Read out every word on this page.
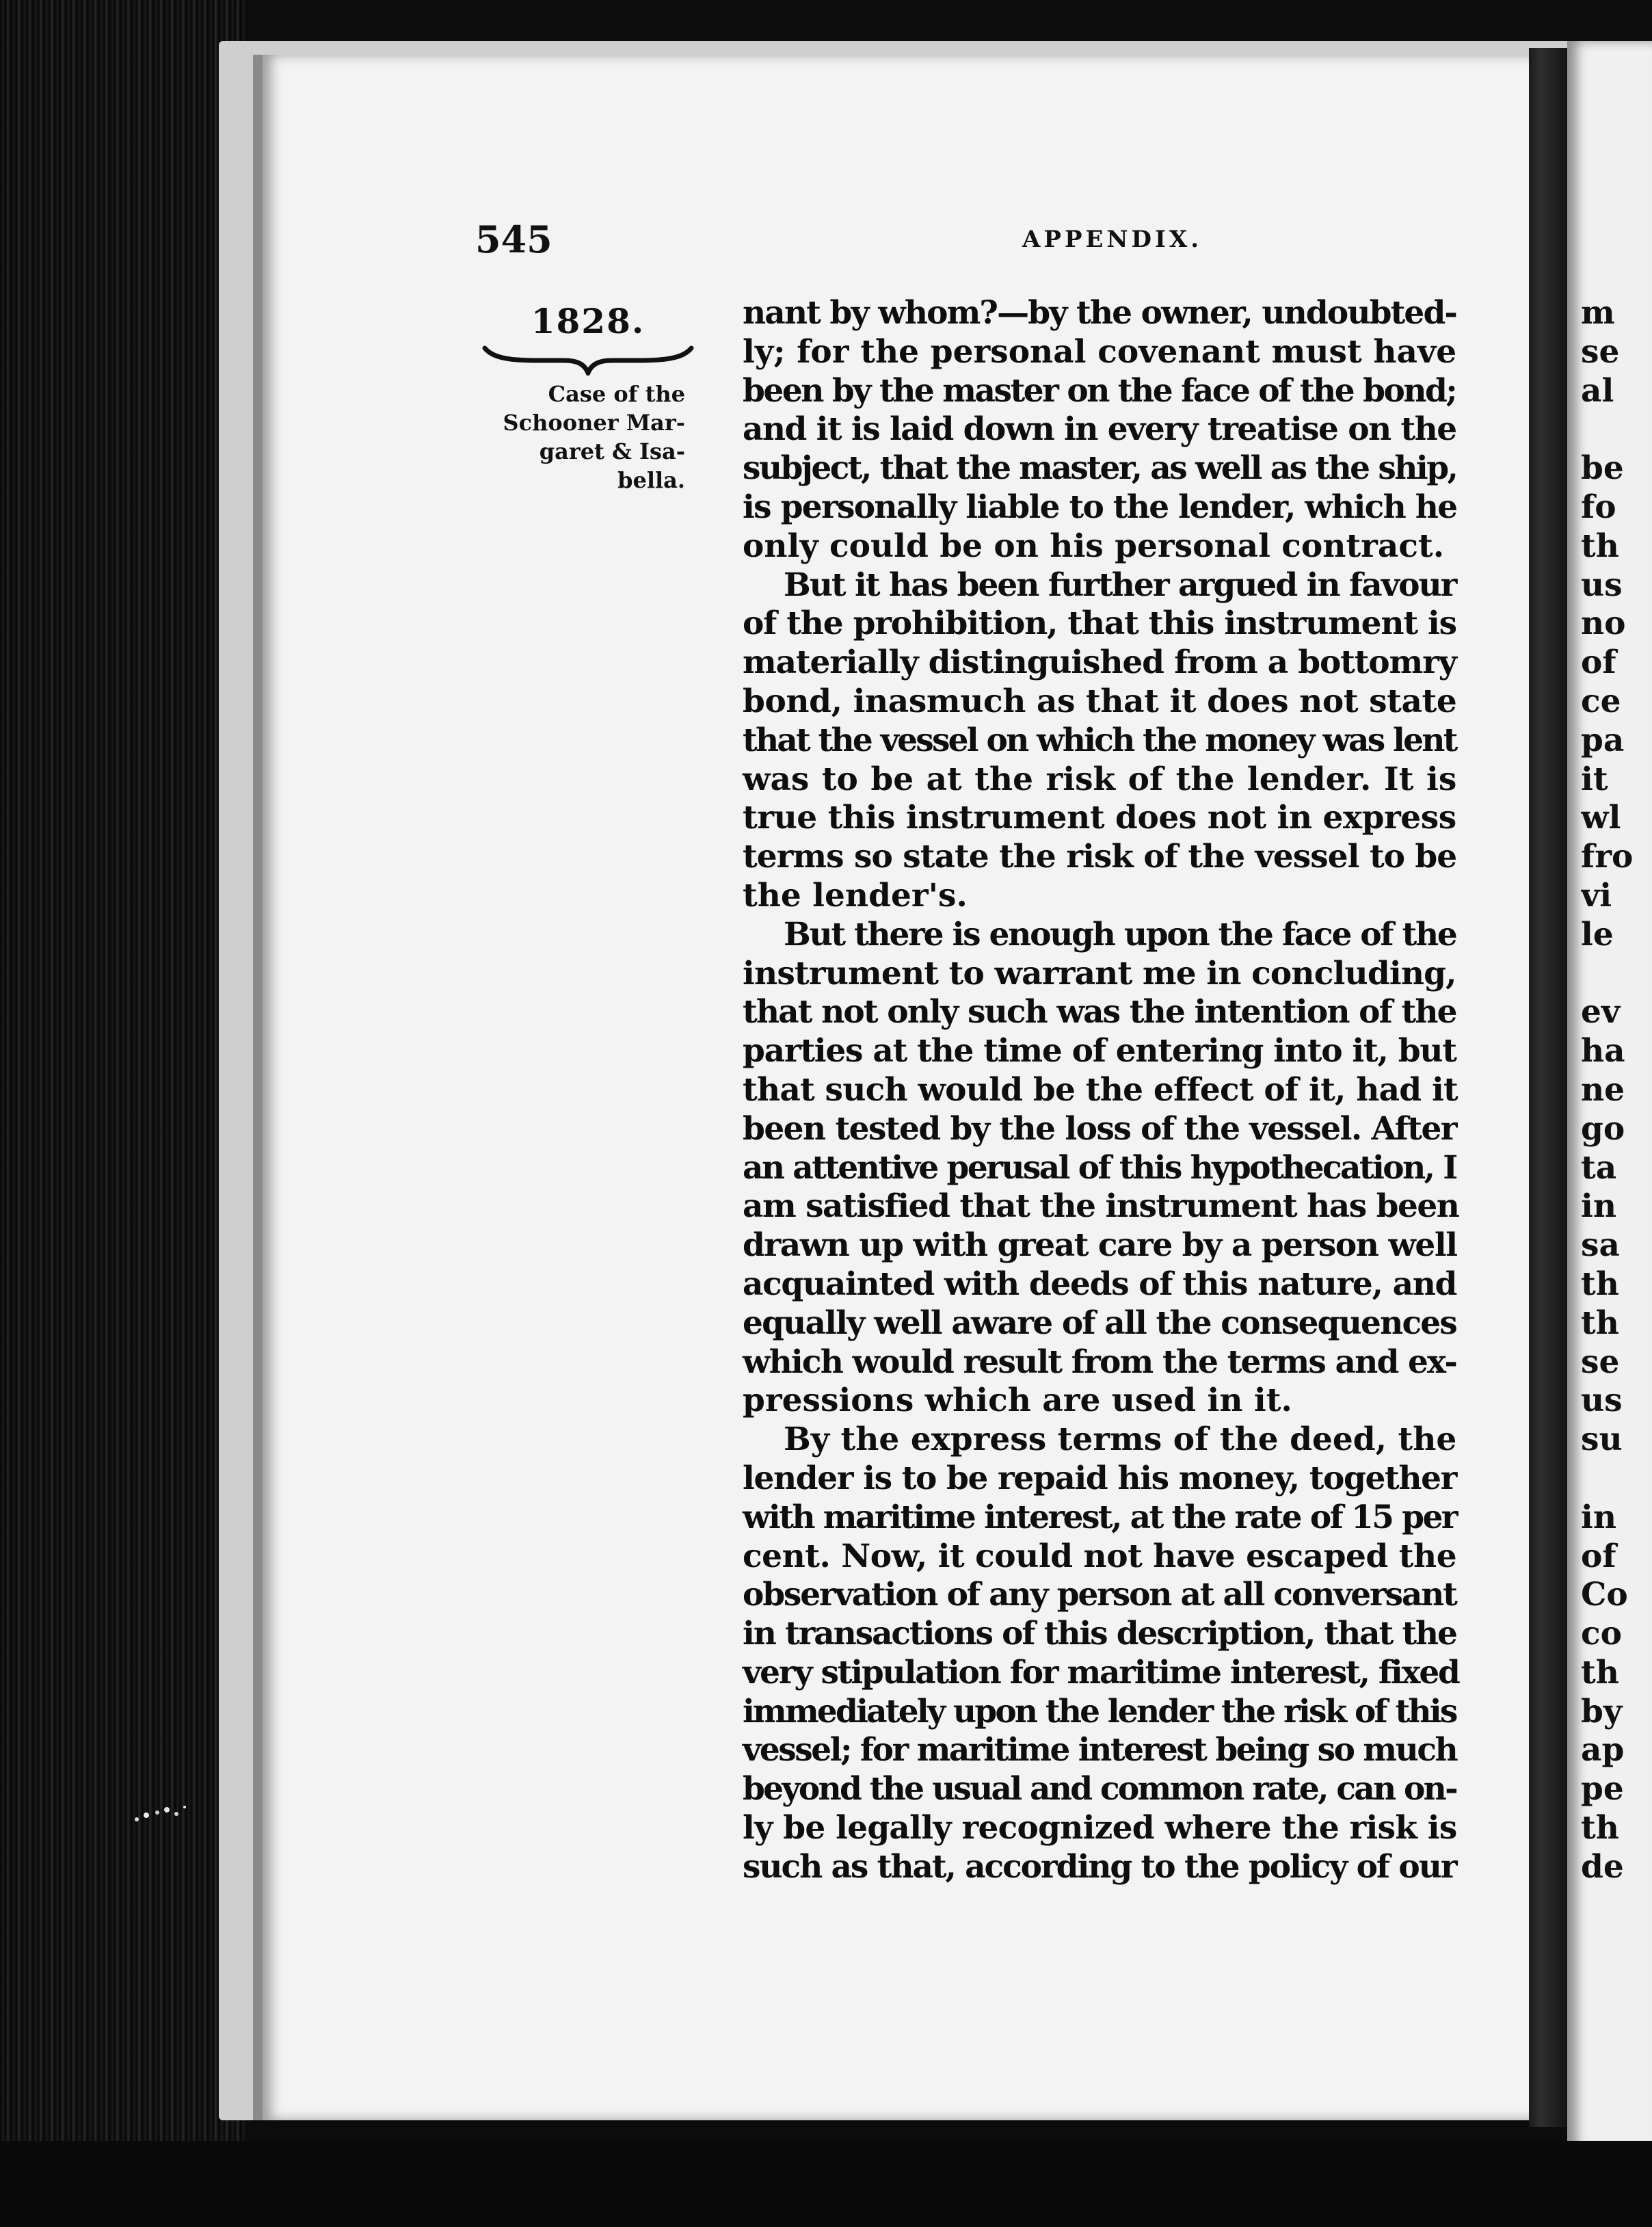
545	APPENDIX.
1828.
Case of the
Schooner Mar-
garet & Isa-
bella.
nant by whom?—by the owner, undoubted-
ly; for the personal covenant must have
been by the master on the face of the bond;
and it is laid down in every treatise on the
subject, that the master, as well as the ship,
is personally liable to the lender, which he
only could be on his personal contract.
But it has been further argued in favour
of the prohibition, that this instrument is
materially distinguished from a bottomry
bond, inasmuch as that it does not state
that the vessel on which the money was lent
was to be at the risk of the lender. It is
true this instrument does not in express
terms so state the risk of the vessel to be
the lender's.
But there is enough upon the face of the
instrument to warrant me in concluding,
that not only such was the intention of the
parties at the time of entering into it, but
that such would be the effect of it, had it
been tested by the loss of the vessel. After
an attentive perusal of this hypothecation, I
am satisfied that the instrument has been
drawn up with great care by a person well
acquainted with deeds of this nature, and
equally well aware of all the consequences
which would result from the terms and ex-
pressions which are used in it.
By the express terms of the deed, the
lender is to be repaid his money, together
with maritime interest, at the rate of 15 per
cent. Now, it could not have escaped the
observation of any person at all conversant
in transactions of this description, that the
very stipulation for maritime interest, fixed
immediately upon the lender the risk of this
vessel; for maritime interest being so much
beyond the usual and common rate, can on-
ly be legally recognized where the risk is
such as that, according to the policy of our
m
se
al
be
fo
th
us
no
of
ce
pa
it
wl
fro
vi
le
ev
ha
ne
go
ta
in
sa
th
th
se
us
su
in
of
Co
co
th
by
ap
pe
th
de
